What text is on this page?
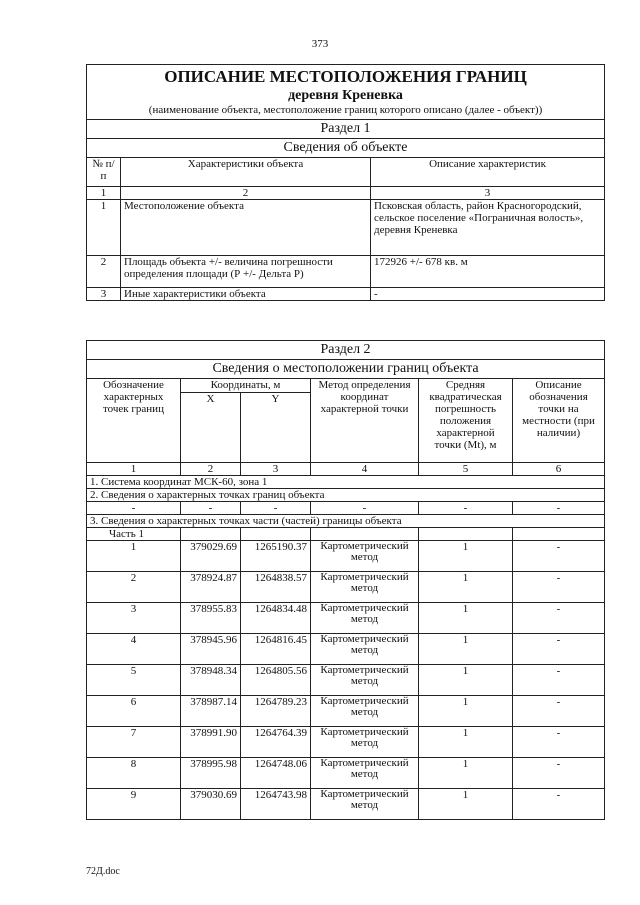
373
ОПИСАНИЕ МЕСТОПОЛОЖЕНИЯ ГРАНИЦ		
деревня Креневка		
(наименование объекта, местоположение границ которого описано (далее - объект))		
Раздел 1		
Сведения об объекте		
№ п/п	Характеристики объекта	Описание характеристик
1	2	3
1	Местоположение объекта	Псковская область, район Красногородский, сельское поселение «Пограничная волость», деревня Креневка
2	Площадь объекта +/- величина погрешности определения площади (Р +/- Дельта Р)	172926 +/- 678 кв. м
3	Иные характеристики объекта	-
Раздел 2					
Сведения о местоположении границ объекта					
Обозначение характерных точек границ	Координаты, м		Метод определения координат характерной точки	Средняя квадратическая погрешность положения характерной точки (Mt), м	Описание обозначения точки на местности (при наличии)
	X	Y			
1	2	3	4	5	6
1. Система координат МСК-60, зона 1					
2. Сведения о характерных точках границ объекта					
-	-	-	-	-	-
3. Сведения о характерных точках части (частей) границы объекта					
Часть 1					
1	379029.69	1265190.37	Картометрический метод	1	-
2	378924.87	1264838.57	Картометрический метод	1	-
3	378955.83	1264834.48	Картометрический метод	1	-
4	378945.96	1264816.45	Картометрический метод	1	-
5	378948.34	1264805.56	Картометрический метод	1	-
6	378987.14	1264789.23	Картометрический метод	1	-
7	378991.90	1264764.39	Картометрический метод	1	-
8	378995.98	1264748.06	Картометрический метод	1	-
9	379030.69	1264743.98	Картометрический метод	1	-
72Д.doc
